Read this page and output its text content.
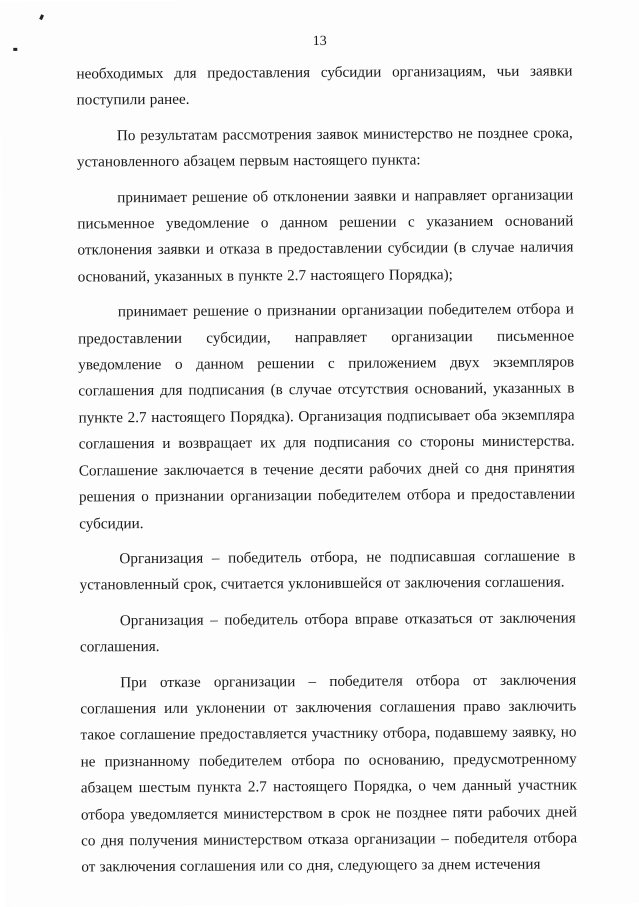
13

необходимых для предоставления субсидии организациям, чьи заявки поступили ранее.

По результатам рассмотрения заявок министерство не позднее срока, установленного абзацем первым настоящего пункта:

принимает решение об отклонении заявки и направляет организации письменное уведомление о данном решении с указанием оснований отклонения заявки и отказа в предоставлении субсидии (в случае наличия оснований, указанных в пункте 2.7 настоящего Порядка);

принимает решение о признании организации победителем отбора и предоставлении субсидии, направляет организации письменное уведомление о данном решении с приложением двух экземпляров соглашения для подписания (в случае отсутствия оснований, указанных в пункте 2.7 настоящего Порядка). Организация подписывает оба экземпляра соглашения и возвращает их для подписания со стороны министерства. Соглашение заключается в течение десяти рабочих дней со дня принятия решения о признании организации победителем отбора и предоставлении субсидии.

Организация – победитель отбора, не подписавшая соглашение в установленный срок, считается уклонившейся от заключения соглашения.

Организация – победитель отбора вправе отказаться от заключения соглашения.

При отказе организации – победителя отбора от заключения соглашения или уклонении от заключения соглашения право заключить такое соглашение предоставляется участнику отбора, подавшему заявку, но не признанному победителем отбора по основанию, предусмотренному абзацем шестым пункта 2.7 настоящего Порядка, о чем данный участник отбора уведомляется министерством в срок не позднее пяти рабочих дней со дня получения министерством отказа организации – победителя отбора от заключения соглашения или со дня, следующего за днем истечения
